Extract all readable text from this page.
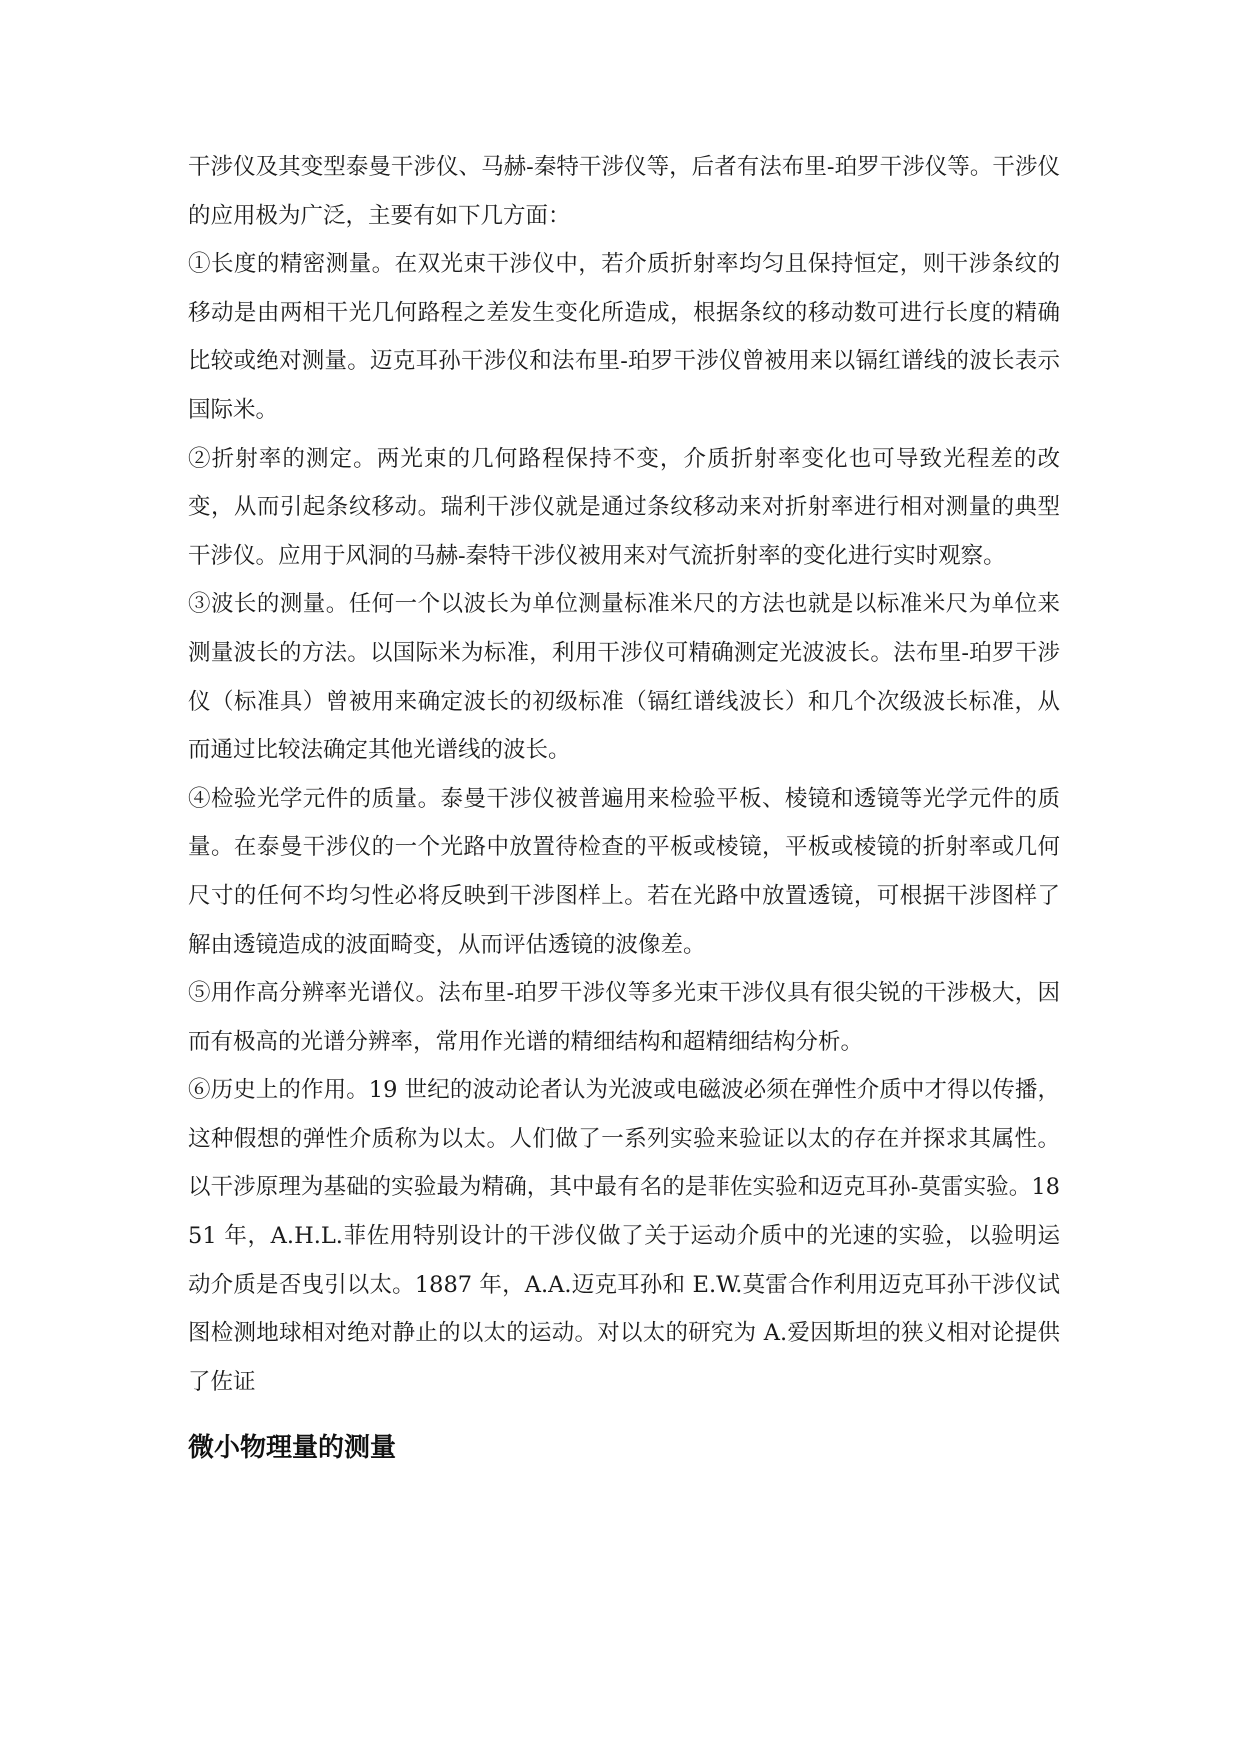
干涉仪及其变型泰曼干涉仪、马赫-秦特干涉仪等，后者有法布里-珀罗干涉仪等。干涉仪的应用极为广泛，主要有如下几方面：

①长度的精密测量。在双光束干涉仪中，若介质折射率均匀且保持恒定，则干涉条纹的移动是由两相干光几何路程之差发生变化所造成，根据条纹的移动数可进行长度的精确比较或绝对测量。迈克耳孙干涉仪和法布里-珀罗干涉仪曾被用来以镉红谱线的波长表示国际米。

②折射率的测定。两光束的几何路程保持不变，介质折射率变化也可导致光程差的改变，从而引起条纹移动。瑞利干涉仪就是通过条纹移动来对折射率进行相对测量的典型干涉仪。应用于风洞的马赫-秦特干涉仪被用来对气流折射率的变化进行实时观察。

③波长的测量。任何一个以波长为单位测量标准米尺的方法也就是以标准米尺为单位来测量波长的方法。以国际米为标准，利用干涉仪可精确测定光波波长。法布里-珀罗干涉仪（标准具）曾被用来确定波长的初级标准（镉红谱线波长）和几个次级波长标准，从而通过比较法确定其他光谱线的波长。

④检验光学元件的质量。泰曼干涉仪被普遍用来检验平板、棱镜和透镜等光学元件的质量。在泰曼干涉仪的一个光路中放置待检查的平板或棱镜，平板或棱镜的折射率或几何尺寸的任何不均匀性必将反映到干涉图样上。若在光路中放置透镜，可根据干涉图样了解由透镜造成的波面畸变，从而评估透镜的波像差。

⑤用作高分辨率光谱仪。法布里-珀罗干涉仪等多光束干涉仪具有很尖锐的干涉极大，因而有极高的光谱分辨率，常用作光谱的精细结构和超精细结构分析。

⑥历史上的作用。19 世纪的波动论者认为光波或电磁波必须在弹性介质中才得以传播，这种假想的弹性介质称为以太。人们做了一系列实验来验证以太的存在并探求其属性。以干涉原理为基础的实验最为精确，其中最有名的是菲佐实验和迈克耳孙-莫雷实验。1851 年，A.H.L.菲佐用特别设计的干涉仪做了关于运动介质中的光速的实验，以验明运动介质是否曳引以太。1887 年，A.A.迈克耳孙和 E.W.莫雷合作利用迈克耳孙干涉仪试图检测地球相对绝对静止的以太的运动。对以太的研究为 A.爱因斯坦的狭义相对论提供了佐证

微小物理量的测量
